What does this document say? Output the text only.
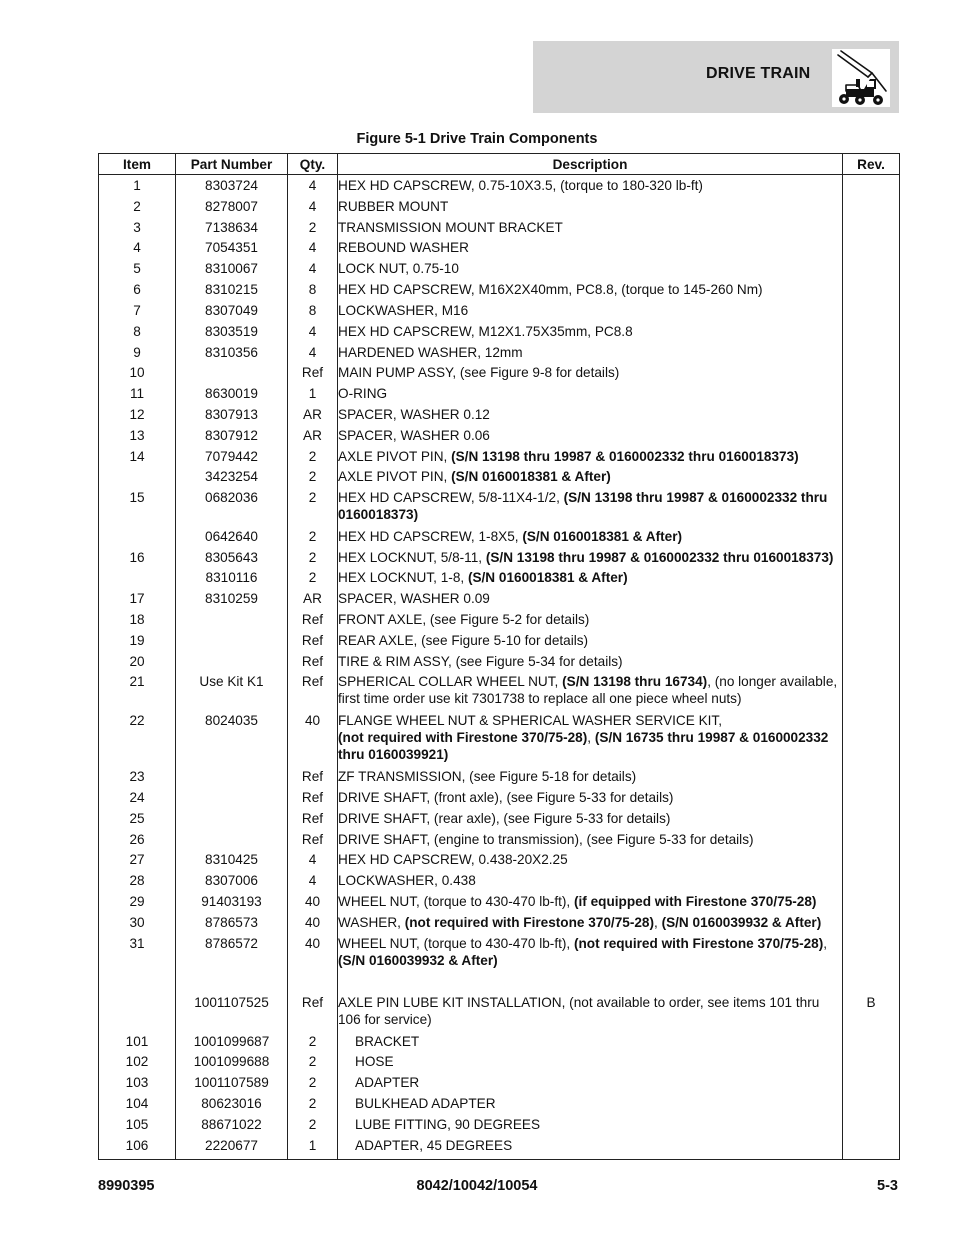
DRIVE TRAIN
Figure 5-1 Drive Train Components
Item	Part Number	Qty.	Description	Rev.
1	8303724	4	HEX HD CAPSCREW, 0.75-10X3.5, (torque to 180-320 lb-ft)	
2	8278007	4	RUBBER MOUNT	
3	7138634	2	TRANSMISSION MOUNT BRACKET	
4	7054351	4	REBOUND WASHER	
5	8310067	4	LOCK NUT, 0.75-10	
6	8310215	8	HEX HD CAPSCREW, M16X2X40mm, PC8.8, (torque to 145-260 Nm)	
7	8307049	8	LOCKWASHER, M16	
8	8303519	4	HEX HD CAPSCREW, M12X1.75X35mm, PC8.8	
9	8310356	4	HARDENED WASHER, 12mm	
10		Ref	MAIN PUMP ASSY, (see Figure 9-8 for details)	
11	8630019	1	O-RING	
12	8307913	AR	SPACER, WASHER 0.12	
13	8307912	AR	SPACER, WASHER 0.06	
14	7079442	2	AXLE PIVOT PIN, (S/N 13198 thru 19987 & 0160002332 thru 0160018373)	
	3423254	2	AXLE PIVOT PIN, (S/N 0160018381 & After)	
15	0682036	2	HEX HD CAPSCREW, 5/8-11X4-1/2, (S/N 13198 thru 19987 & 0160002332 thru 0160018373)	
	0642640	2	HEX HD CAPSCREW, 1-8X5, (S/N 0160018381 & After)	
16	8305643	2	HEX LOCKNUT, 5/8-11, (S/N 13198 thru 19987 & 0160002332 thru 0160018373)	
	8310116	2	HEX LOCKNUT, 1-8, (S/N 0160018381 & After)	
17	8310259	AR	SPACER, WASHER 0.09	
18		Ref	FRONT AXLE, (see Figure 5-2 for details)	
19		Ref	REAR AXLE, (see Figure 5-10 for details)	
20		Ref	TIRE & RIM ASSY, (see Figure 5-34 for details)	
21	Use Kit K1	Ref	SPHERICAL COLLAR WHEEL NUT, (S/N 13198 thru 16734), (no longer available, first time order use kit 7301738 to replace all one piece wheel nuts)	
22	8024035	40	FLANGE WHEEL NUT & SPHERICAL WASHER SERVICE KIT,
(not required with Firestone 370/75-28), (S/N 16735 thru 19987 & 0160002332 thru 0160039921)	
23		Ref	ZF TRANSMISSION, (see Figure 5-18 for details)	
24		Ref	DRIVE SHAFT, (front axle), (see Figure 5-33 for details)	
25		Ref	DRIVE SHAFT, (rear axle), (see Figure 5-33 for details)	
26		Ref	DRIVE SHAFT, (engine to transmission), (see Figure 5-33 for details)	
27	8310425	4	HEX HD CAPSCREW, 0.438-20X2.25	
28	8307006	4	LOCKWASHER, 0.438	
29	91403193	40	WHEEL NUT, (torque to 430-470 lb-ft), (if equipped with Firestone 370/75-28)	
30	8786573	40	WASHER, (not required with Firestone 370/75-28), (S/N 0160039932 & After)	
31	8786572	40	WHEEL NUT, (torque to 430-470 lb-ft), (not required with Firestone 370/75-28), (S/N 0160039932 & After)	

	1001107525	Ref	AXLE PIN LUBE KIT INSTALLATION, (not available to order, see items 101 thru 106 for service)	B
101	1001099687	2	BRACKET	
102	1001099688	2	HOSE	
103	1001107589	2	ADAPTER	
104	80623016	2	BULKHEAD ADAPTER	
105	88671022	2	LUBE FITTING, 90 DEGREES	
106	2220677	1	ADAPTER, 45 DEGREES	

8990395	8042/10042/10054	5-3
